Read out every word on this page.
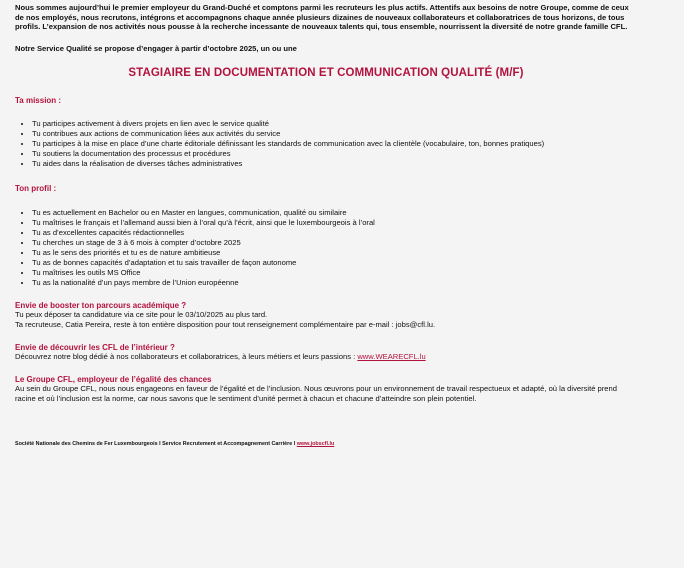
Nous sommes aujourd’hui le premier employeur du Grand-Duché et comptons parmi les recruteurs les plus actifs. Attentifs aux besoins de notre Groupe, comme de ceux de nos employés, nous recrutons, intégrons et accompagnons chaque année plusieurs dizaines de nouveaux collaborateurs et collaboratrices de tous horizons, de tous profils. L’expansion de nos activités nous pousse à la recherche incessante de nouveaux talents qui, tous ensemble, nourrissent la diversité de notre grande famille CFL.

Notre Service Qualité se propose d’engager à partir d’octobre 2025, un ou une

STAGIAIRE EN DOCUMENTATION ET COMMUNICATION QUALITÉ (M/F)
Ta mission :
• Tu participes activement à divers projets en lien avec le service qualité
• Tu contribues aux actions de communication liées aux activités du service
• Tu participes à la mise en place d’une charte éditoriale définissant les standards de communication avec la clientèle (vocabulaire, ton, bonnes pratiques)
• Tu soutiens la documentation des processus et procédures
• Tu aides dans la réalisation de diverses tâches administratives
Ton profil :
• Tu es actuellement en Bachelor ou en Master en langues, communication, qualité ou similaire
• Tu maîtrises le français et l’allemand aussi bien à l’oral qu’à l’écrit, ainsi que le luxembourgeois à l’oral
• Tu as d’excellentes capacités rédactionnelles
• Tu cherches un stage de 3 à 6 mois à compter d’octobre 2025
• Tu as le sens des priorités et tu es de nature ambitieuse
• Tu as de bonnes capacités d’adaptation et tu sais travailler de façon autonome
• Tu maîtrises les outils MS Office
• Tu as la nationalité d’un pays membre de l’Union européenne
Envie de booster ton parcours académique ?

Tu peux déposer ta candidature via ce site pour le 03/10/2025 au plus tard.

Ta recruteuse, Catia Pereira, reste à ton entière disposition pour tout renseignement complémentaire par e-mail : jobs@cfl.lu.

Envie de découvrir les CFL de l’intérieur ?

Découvrez notre blog dédié à nos collaborateurs et collaboratrices, à leurs métiers et leurs passions : www.WEARECFL.lu

Le Groupe CFL, employeur de l’égalité des chances

Au sein du Groupe CFL, nous nous engageons en faveur de l’égalité et de l’inclusion. Nous œuvrons pour un environnement de travail respectueux et adapté, où la diversité prend racine et où l’inclusion est la norme, car nous savons que le sentiment d’unité permet à chacun et chacune d’atteindre son plein potentiel.

Société Nationale des Chemins de Fer Luxembourgeois I Service Recrutement et Accompagnement Carrière I www.jobscfl.lu
